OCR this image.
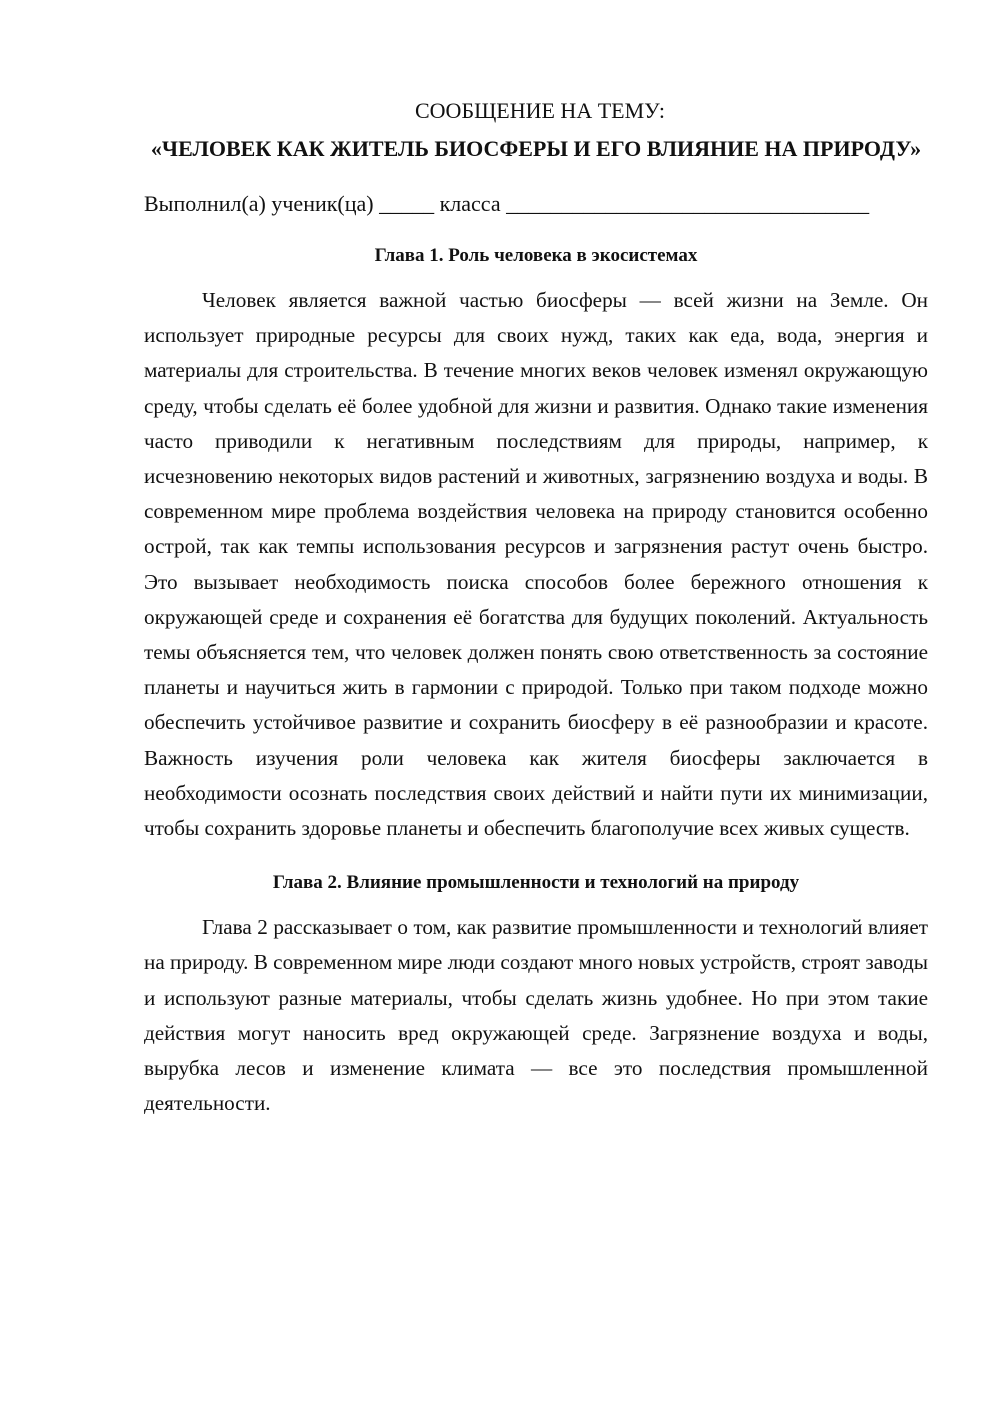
СООБЩЕНИЕ НА ТЕМУ:

«ЧЕЛОВЕК КАК ЖИТЕЛЬ БИОСФЕРЫ И ЕГО ВЛИЯНИЕ НА ПРИРОДУ»

Выполнил(а) ученик(ца) _____ класса _________________________________

Глава 1. Роль человека в экосистемах

Человек является важной частью биосферы — всей жизни на Земле. Он использует природные ресурсы для своих нужд, таких как еда, вода, энергия и материалы для строительства. В течение многих веков человек изменял окружающую среду, чтобы сделать её более удобной для жизни и развития. Однако такие изменения часто приводили к негативным последствиям для природы, например, к исчезновению некоторых видов растений и животных, загрязнению воздуха и воды. В современном мире проблема воздействия человека на природу становится особенно острой, так как темпы использования ресурсов и загрязнения растут очень быстро. Это вызывает необходимость поиска способов более бережного отношения к окружающей среде и сохранения её богатства для будущих поколений. Актуальность темы объясняется тем, что человек должен понять свою ответственность за состояние планеты и научиться жить в гармонии с природой. Только при таком подходе можно обеспечить устойчивое развитие и сохранить биосферу в её разнообразии и красоте. Важность изучения роли человека как жителя биосферы заключается в необходимости осознать последствия своих действий и найти пути их минимизации, чтобы сохранить здоровье планеты и обеспечить благополучие всех живых существ.

Глава 2. Влияние промышленности и технологий на природу

Глава 2 рассказывает о том, как развитие промышленности и технологий влияет на природу. В современном мире люди создают много новых устройств, строят заводы и используют разные материалы, чтобы сделать жизнь удобнее. Но при этом такие действия могут наносить вред окружающей среде. Загрязнение воздуха и воды, вырубка лесов и изменение климата — все это последствия промышленной деятельности.
